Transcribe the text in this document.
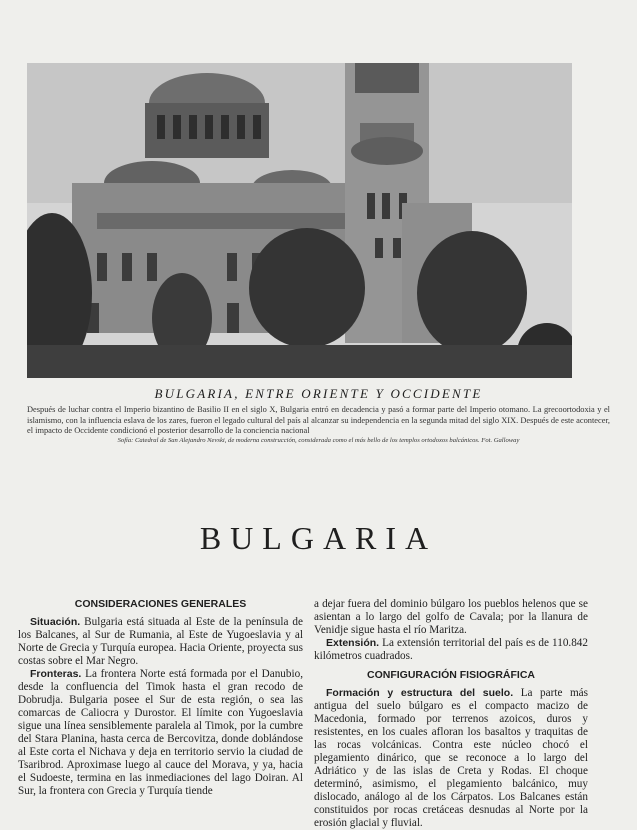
BULGARIA, ENTRE ORIENTE Y OCCIDENTE
Después de luchar contra el Imperio bizantino de Basilio II en el siglo X, Bulgaria entró en decadencia y pasó a formar parte del Imperio otomano. La grecoortodoxia y el islamismo, con la influencia eslava de los zares, fueron el legado cultural del país al alcanzar su independencia en la segunda mitad del siglo XIX. Después de este acontecer, el impacto de Occidente condicionó el posterior desarrollo de la conciencia nacional
Sofía: Catedral de San Alejandro Nevski, de moderna construcción, considerada como el más bello de los templos ortodoxos balcánicos. Fot. Galloway
BULGARIA
CONSIDERACIONES GENERALES

Situación. Bulgaria está situada al Este de la península de los Balcanes, al Sur de Rumania, al Este de Yugoeslavia y al Norte de Grecia y Turquía europea. Hacia Oriente, proyecta sus costas sobre el Mar Negro.

Fronteras. La frontera Norte está formada por el Danubio, desde la confluencia del Timok hasta el gran recodo de Dobrudja. Bulgaria posee el Sur de esta región, o sea las comarcas de Caliocra y Durostor. El límite con Yugoeslavia sigue una línea sensiblemente paralela al Timok, por la cumbre del Stara Planina, hasta cerca de Bercovitza, donde doblándose al Este corta el Nichava y deja en territorio servio la ciudad de Tsaribrod. Aproximase luego al cauce del Morava, y ya, hacia el Sudoeste, termina en las inmediaciones del lago Doiran. Al Sur, la frontera con Grecia y Turquía tiende

a dejar fuera del dominio búlgaro los pueblos helenos que se asientan a lo largo del golfo de Cavala; por la llanura de Venidje sigue hasta el río Maritza.

Extensión. La extensión territorial del país es de 110.842 kilómetros cuadrados.

CONFIGURACIÓN FISIOGRÁFICA

Formación y estructura del suelo. La parte más antigua del suelo búlgaro es el compacto macizo de Macedonia, formado por terrenos azoicos, duros y resistentes, en los cuales afloran los basaltos y traquitas de las rocas volcánicas. Contra este núcleo chocó el plegamiento dinárico, que se reconoce a lo largo del Adriático y de las islas de Creta y Rodas. El choque determinó, asimismo, el plegamiento balcánico, muy dislocado, análogo al de los Cárpatos. Los Balcanes están constituidos por rocas cretáceas desnudas al Norte por la erosión glacial y fluvial.
